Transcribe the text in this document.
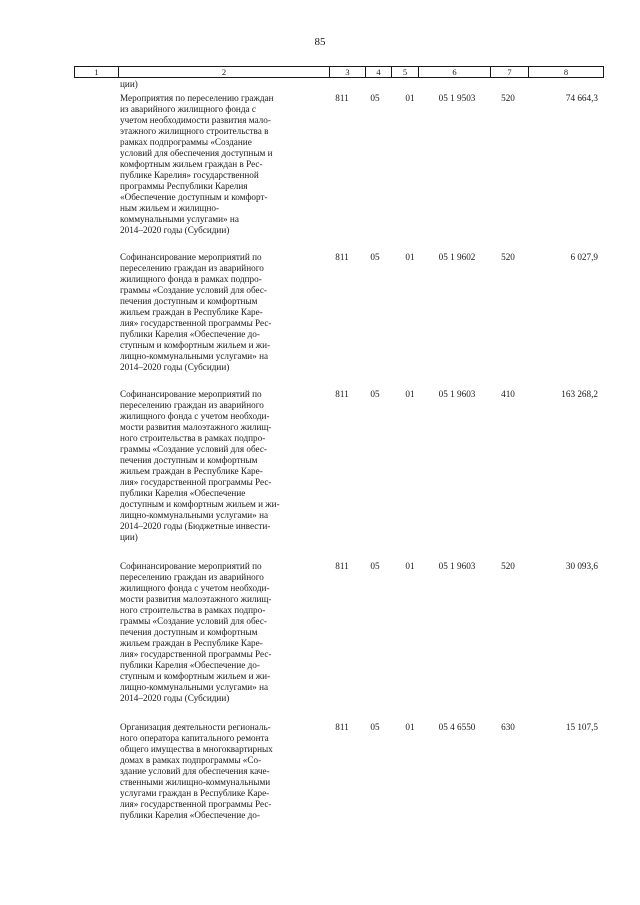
85
1	2	3	4	5	6	7	8
ции)
Мероприятия по переселению граждан
из аварийного жилищного фонда с
учетом необходимости развития мало-
этажного жилищного строительства в
рамках подпрограммы «Создание
условий для обеспечения доступным и
комфортным жильем граждан в Рес-
публике Карелия» государственной
программы Республики Карелия
«Обеспечение доступным и комфорт-
ным жильем и жилищно-
коммунальными услугами» на
2014–2020 годы (Субсидии)
811	05	01	05 1 9503	520	74 664,3
Софинансирование мероприятий по
переселению граждан из аварийного
жилищного фонда в рамках подпро-
граммы «Создание условий для обес-
печения доступным и комфортным
жильем граждан в Республике Каре-
лия» государственной программы Рес-
публики Карелия «Обеспечение до-
ступным и комфортным жильем и жи-
лищно-коммунальными услугами» на
2014–2020 годы (Субсидии)
811	05	01	05 1 9602	520	6 027,9
Софинансирование мероприятий по
переселению граждан из аварийного
жилищного фонда с учетом необходи-
мости развития малоэтажного жилищ-
ного строительства в рамках подпро-
граммы «Создание условий для обес-
печения доступным и комфортным
жильем граждан в Республике Каре-
лия» государственной программы Рес-
публики Карелия «Обеспечение
доступным и комфортным жильем и жи-
лищно-коммунальными услугами» на
2014–2020 годы (Бюджетные инвести-
ции)
811	05	01	05 1 9603	410	163 268,2
Софинансирование мероприятий по
переселению граждан из аварийного
жилищного фонда с учетом необходи-
мости развития малоэтажного жилищ-
ного строительства в рамках подпро-
граммы «Создание условий для обес-
печения доступным и комфортным
жильем граждан в Республике Каре-
лия» государственной программы Рес-
публики Карелия «Обеспечение до-
ступным и комфортным жильем и жи-
лищно-коммунальными услугами» на
2014–2020 годы (Субсидии)
811	05	01	05 1 9603	520	30 093,6
Организация деятельности региональ-
ного оператора капитального ремонта
общего имущества в многоквартирных
домах в рамках подпрограммы «Со-
здание условий для обеспечения каче-
ственными жилищно-коммунальными
услугами граждан в Республике Каре-
лия» государственной программы Рес-
публики Карелия «Обеспечение до-
811	05	01	05 4 6550	630	15 107,5
